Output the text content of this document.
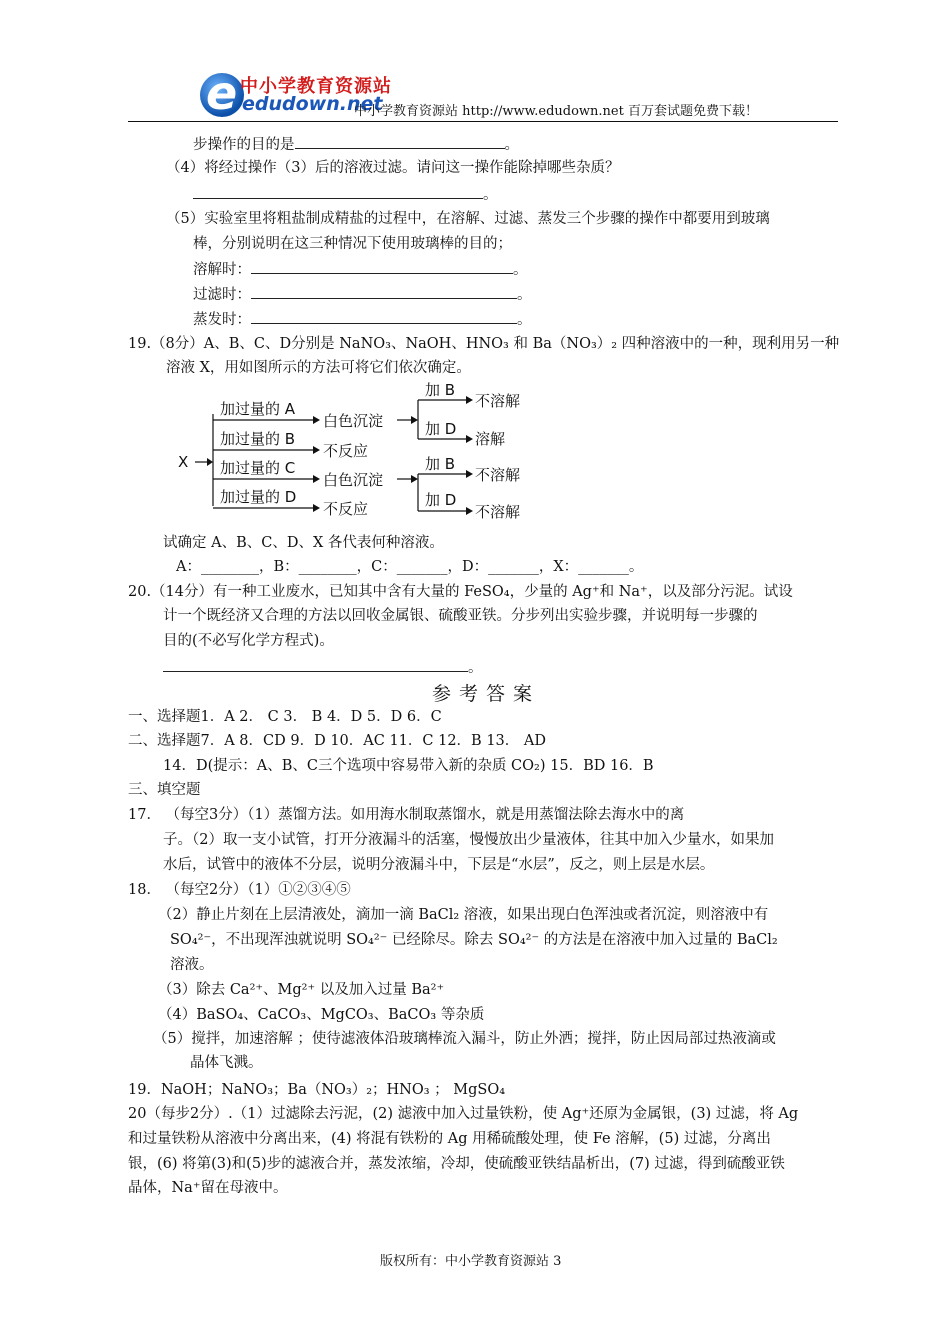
e 中小学教育资源站
edudown.net
中小学教育资源站 http://www.edudown.net 百万套试题免费下载！
步操作的目的是	。
（4）将经过操作（3）后的溶液过滤。请问这一操作能除掉哪些杂质？
。
（5）实验室里将粗盐制成精盐的过程中，在溶解、过滤、蒸发三个步骤的操作中都要用到玻璃
棒，分别说明在这三种情况下使用玻璃棒的目的；
溶解时：	。
过滤时：	。
蒸发时：	。
19.（8分）A、B、C、D分别是 NaNO₃、NaOH、HNO₃ 和 Ba（NO₃）₂ 四种溶液中的一种，现利用另一种
溶液 X，用如图所示的方法可将它们依次确定。
X
加过量的 A
加过量的 B
加过量的 C
加过量的 D
白色沉淀
不反应
白色沉淀
不反应
加 B
加 D
不溶解
溶解
加 B
加 D
不溶解
不溶解
试确定 A、B、C、D、X 各代表何种溶液。
A：________，B：________，C：_______，D：_______，X：_______。
20.（14分）有一种工业废水，已知其中含有大量的 FeSO₄，少量的 Ag⁺和 Na⁺，以及部分污泥。试设
计一个既经济又合理的方法以回收金属银、硫酸亚铁。分步列出实验步骤，并说明每一步骤的
目的(不必写化学方程式)。
。
参考答案
一、选择题1．A 2． C 3． B 4．D 5．D 6．C
二、选择题7．A 8．CD 9．D 10．AC 11．C 12．B 13． AD
14．D(提示：A、B、C三个选项中容易带入新的杂质 CO₂) 15．BD 16．B
三、填空题
17． （每空3分）（1）蒸馏方法。如用海水制取蒸馏水，就是用蒸馏法除去海水中的离
子。（2）取一支小试管，打开分液漏斗的活塞，慢慢放出少量液体，往其中加入少量水，如果加
水后，试管中的液体不分层，说明分液漏斗中，下层是“水层”，反之，则上层是水层。
18． （每空2分）（1）①②③④⑤
（2）静止片刻在上层清液处，滴加一滴 BaCl₂ 溶液，如果出现白色浑浊或者沉淀，则溶液中有
SO₄²⁻，不出现浑浊就说明 SO₄²⁻ 已经除尽。除去 SO₄²⁻ 的方法是在溶液中加入过量的 BaCl₂
溶液。
（3）除去 Ca²⁺、Mg²⁺ 以及加入过量 Ba²⁺
（4）BaSO₄、CaCO₃、MgCO₃、BaCO₃ 等杂质
（5）搅拌，加速溶解 ；使待滤液体沿玻璃棒流入漏斗，防止外洒；搅拌，防止因局部过热液滴或
晶体飞溅。
19．NaOH；NaNO₃；Ba（NO₃）₂；HNO₃ ； MgSO₄
20（每步2分）.（1）过滤除去污泥，(2) 滤液中加入过量铁粉，使 Ag⁺还原为金属银，(3) 过滤，将 Ag
和过量铁粉从溶液中分离出来，(4) 将混有铁粉的 Ag 用稀硫酸处理，使 Fe 溶解，(5) 过滤，分离出
银，(6) 将第(3)和(5)步的滤液合并，蒸发浓缩，冷却，使硫酸亚铁结晶析出，(7) 过滤，得到硫酸亚铁
晶体，Na⁺留在母液中。
版权所有：中小学教育资源站 3
